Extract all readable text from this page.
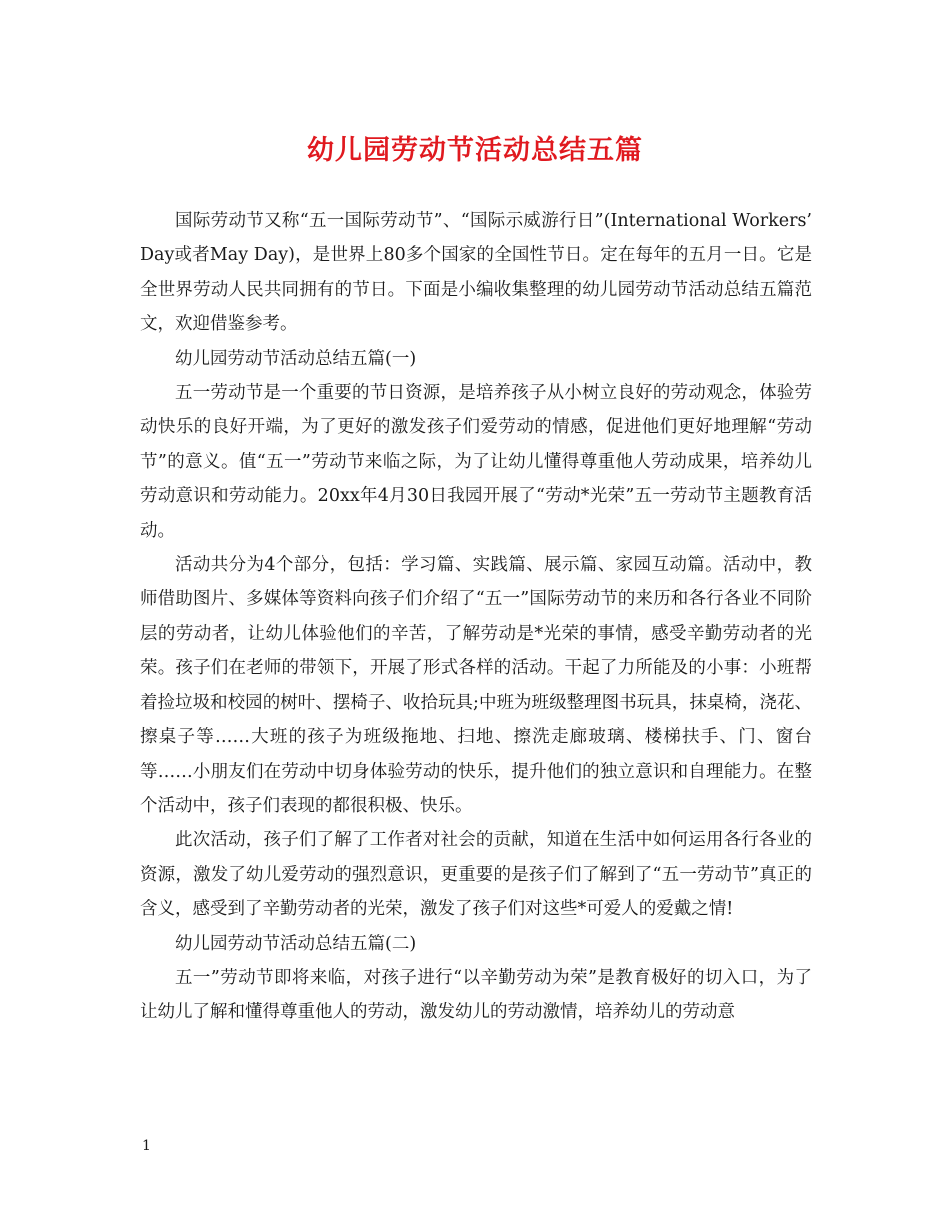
幼儿园劳动节活动总结五篇

国际劳动节又称“五一国际劳动节”、“国际示威游行日”(International Workers’ Day或者May Day)，是世界上80多个国家的全国性节日。定在每年的五月一日。它是全世界劳动人民共同拥有的节日。下面是小编收集整理的幼儿园劳动节活动总结五篇范文，欢迎借鉴参考。

幼儿园劳动节活动总结五篇(一)

五一劳动节是一个重要的节日资源，是培养孩子从小树立良好的劳动观念，体验劳动快乐的良好开端，为了更好的激发孩子们爱劳动的情感，促进他们更好地理解“劳动节”的意义。值“五一”劳动节来临之际，为了让幼儿懂得尊重他人劳动成果，培养幼儿劳动意识和劳动能力。20xx年4月30日我园开展了“劳动*光荣”五一劳动节主题教育活动。

活动共分为4个部分，包括：学习篇、实践篇、展示篇、家园互动篇。活动中，教师借助图片、多媒体等资料向孩子们介绍了“五一”国际劳动节的来历和各行各业不同阶层的劳动者，让幼儿体验他们的辛苦，了解劳动是*光荣的事情，感受辛勤劳动者的光荣。孩子们在老师的带领下，开展了形式各样的活动。干起了力所能及的小事：小班帮着捡垃圾和校园的树叶、摆椅子、收拾玩具;中班为班级整理图书玩具，抹桌椅，浇花、擦桌子等……大班的孩子为班级拖地、扫地、擦洗走廊玻璃、楼梯扶手、门、窗台等……小朋友们在劳动中切身体验劳动的快乐，提升他们的独立意识和自理能力。在整个活动中，孩子们表现的都很积极、快乐。

此次活动，孩子们了解了工作者对社会的贡献，知道在生活中如何运用各行各业的资源，激发了幼儿爱劳动的强烈意识，更重要的是孩子们了解到了“五一劳动节”真正的含义，感受到了辛勤劳动者的光荣，激发了孩子们对这些*可爱人的爱戴之情!

幼儿园劳动节活动总结五篇(二)

五一”劳动节即将来临，对孩子进行“以辛勤劳动为荣”是教育极好的切入口，为了让幼儿了解和懂得尊重他人的劳动，激发幼儿的劳动激情，培养幼儿的劳动意

1
